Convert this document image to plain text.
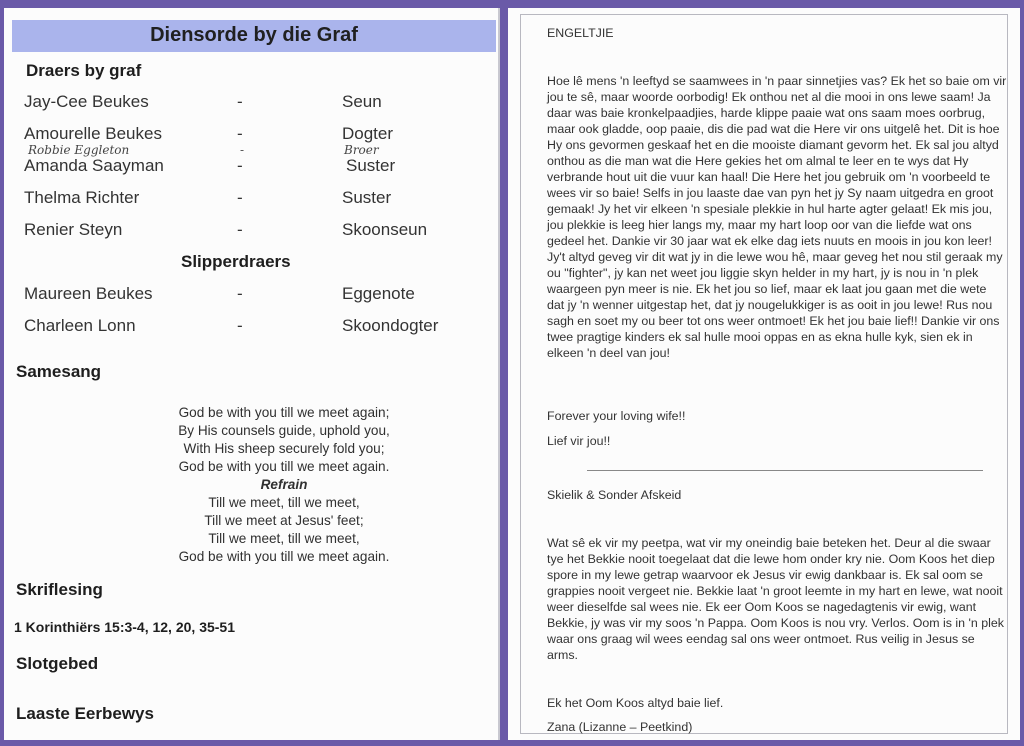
Diensorde by die Graf
Draers by graf
Jay-Cee Beukes	-	Seun
Amourelle Beukes	-	Dogter
Robbie Eggleton	-	Broer
Amanda Saayman	-	Suster
Thelma Richter	-	Suster
Renier Steyn	-	Skoonseun
Slipperdraers
Maureen Beukes	-	Eggenote
Charleen Lonn	-	Skoondogter
Samesang
God be with you till we meet again;
By His counsels guide, uphold you,
With His sheep securely fold you;
God be with you till we meet again.
Refrain
Till we meet, till we meet,
Till we meet at Jesus' feet;
Till we meet, till we meet,
God be with you till we meet again.
Skriflesing
1 Korinthiërs 15:3-4, 12, 20, 35-51
Slotgebed
Laaste Eerbewys
ENGELTJIE
Hoe lê mens 'n leeftyd se saamwees in 'n paar sinnetjies vas? Ek het so baie om vir jou te sê, maar woorde oorbodig! Ek onthou net al die mooi in ons lewe saam! Ja daar was baie kronkelpaadjies, harde klippe paaie wat ons saam moes oorbrug, maar ook gladde, oop paaie, dis die pad wat die Here vir ons uitgelê het. Dit is hoe Hy ons gevormen geskaaf het en die mooiste diamant gevorm het. Ek sal jou altyd onthou as die man wat die Here gekies het om almal te leer en te wys dat Hy verbrande hout uit die vuur kan haal! Die Here het jou gebruik om 'n voorbeeld te wees vir so baie! Selfs in jou laaste dae van pyn het jy Sy naam uitgedra en groot gemaak! Jy het vir elkeen 'n spesiale plekkie in hul harte agter gelaat! Ek mis jou, jou plekkie is leeg hier langs my, maar my hart loop oor van die liefde wat ons gedeel het. Dankie vir 30 jaar wat ek elke dag iets nuuts en moois in jou kon leer! Jy't altyd geveg vir dit wat jy in die lewe wou hê, maar geveg het nou stil geraak my ou "fighter", jy kan net weet jou liggie skyn helder in my hart, jy is nou in 'n plek waargeen pyn meer is nie. Ek het jou so lief, maar ek laat jou gaan met die wete dat jy 'n wenner uitgestap het, dat jy nougelukkiger is as ooit in jou lewe! Rus nou sagh en soet my ou beer tot ons weer ontmoet! Ek het jou baie lief!! Dankie vir ons twee pragtige kinders ek sal hulle mooi oppas en as ekna hulle kyk, sien ek in elkeen 'n deel van jou!
Forever your loving wife!!
Lief vir jou!!
Skielik & Sonder Afskeid
Wat sê ek vir my peetpa, wat vir my oneindig baie beteken het. Deur al die swaar tye het Bekkie nooit toegelaat dat die lewe hom onder kry nie. Oom Koos het diep spore in my lewe getrap waarvoor ek Jesus vir ewig dankbaar is. Ek sal oom se grappies nooit vergeet nie. Bekkie laat 'n groot leemte in my hart en lewe, wat nooit weer dieselfde sal wees nie. Ek eer Oom Koos se nagedagtenis vir ewig, want Bekkie, jy was vir my soos 'n Pappa. Oom Koos is nou vry. Verlos. Oom is in 'n plek waar ons graag wil wees eendag sal ons weer ontmoet. Rus veilig in Jesus se arms.
Ek het Oom Koos altyd baie lief.
Zana (Lizanne – Peetkind)
